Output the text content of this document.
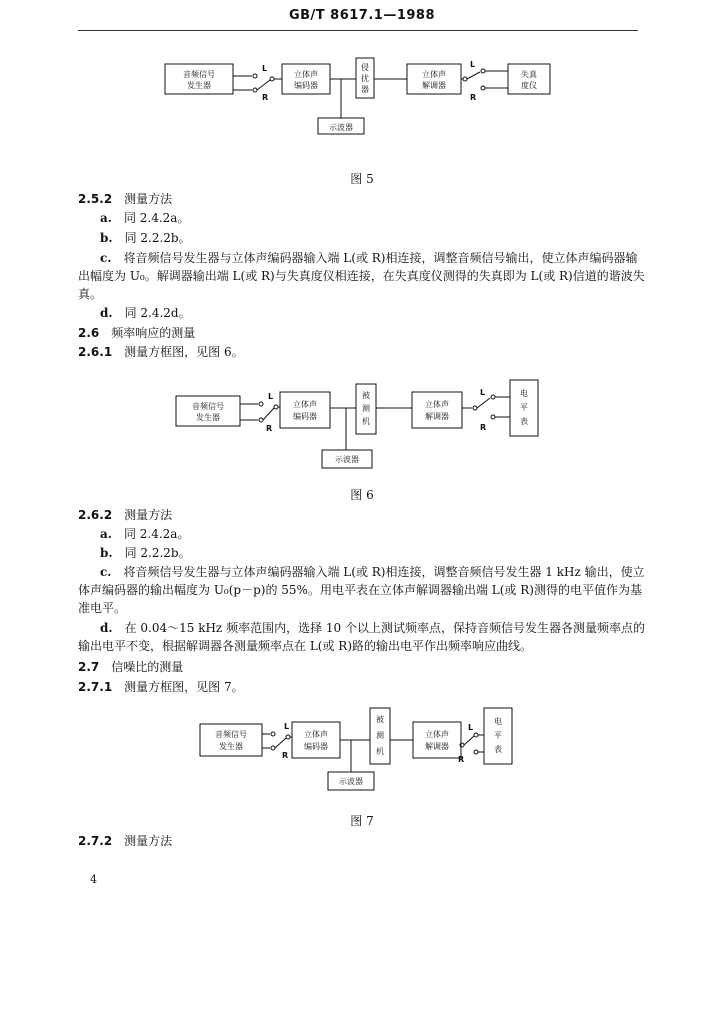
GB/T 8617.1—1988
音频信号
发生器
立体声
编码器
侵
扰
器
立体声
解调器
失真
度仪
示波器
L
R
L
R
图 5
2.5.2 测量方法
a. 同 2.4.2a。
b. 同 2.2.2b。
c. 将音频信号发生器与立体声编码器输入端 L(或 R)相连接，调整音频信号输出，使立体声编码器输出幅度为 U₀。解调器输出端 L(或 R)与失真度仪相连接，在失真度仪测得的失真即为 L(或 R)信道的谐波失真。
d. 同 2.4.2d。
2.6 频率响应的测量
2.6.1 测量方框图，见图 6。
音频信号
发生器
立体声
编码器
被
测
机
立体声
解调器
电
平
表
示波器
L
R
L
R
图 6
2.6.2 测量方法
a. 同 2.4.2a。
b. 同 2.2.2b。
c. 将音频信号发生器与立体声编码器输入端 L(或 R)相连接，调整音频信号发生器 1 kHz 输出，使立体声编码器的输出幅度为 U₀(p－p)的 55%。用电平表在立体声解调器输出端 L(或 R)测得的电平值作为基准电平。
d. 在 0.04～15 kHz 频率范围内，选择 10 个以上测试频率点，保持音频信号发生器各测量频率点的输出电平不变，根据解调器各测量频率点在 L(或 R)路的输出电平作出频率响应曲线。
2.7 信噪比的测量
2.7.1 测量方框图，见图 7。
音频信号
发生器
立体声
编码器
被
测
机
立体声
解调器
电
平
表
示波器
L
R
L
R
图 7
2.7.2 测量方法
4
